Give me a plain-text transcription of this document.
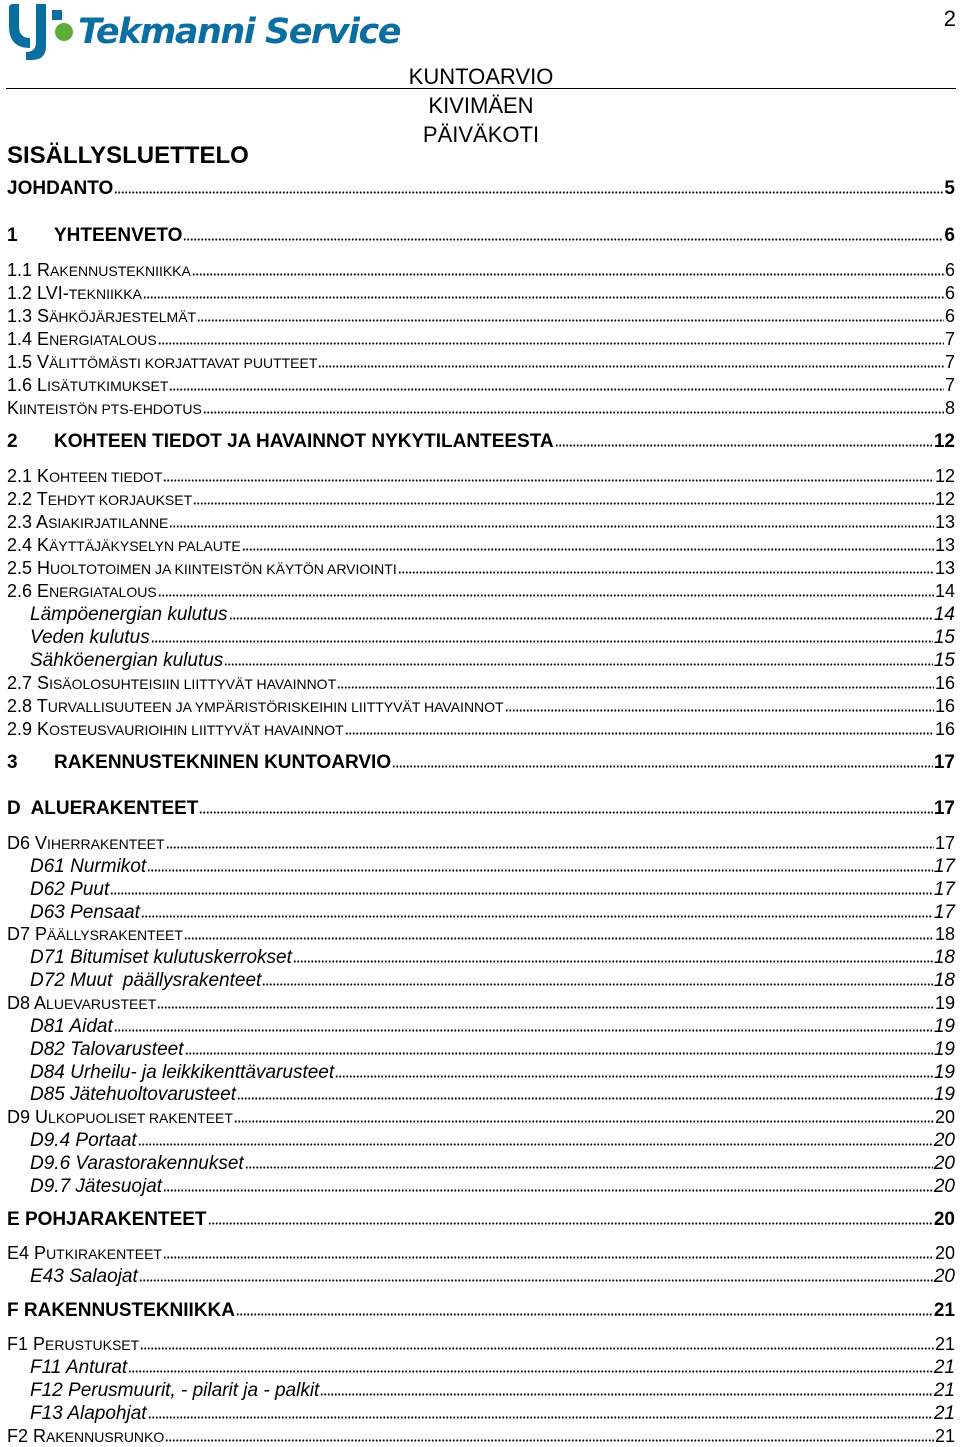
Tekmanni Service	2
KUNTOARVIO
KIVIMÄEN PÄIVÄKOTI
SISÄLLYSLUETTELO
JOHDANTO	5
1 YHTEENVETO	6
1.1 RAKENNUSTEKNIIKKA	6
1.2 LVI-TEKNIIKKA	6
1.3 SÄHKÖJÄRJESTELMÄT	6
1.4 ENERGIATALOUS	7
1.5 VÄLITTÖMÄSTI KORJATTAVAT PUUTTEET	7
1.6 LISÄTUTKIMUKSET	7
KIINTEISTÖN PTS-EHDOTUS	8
2 KOHTEEN TIEDOT JA HAVAINNOT NYKYTILANTEESTA	12
2.1 KOHTEEN TIEDOT	12
2.2 TEHDYT KORJAUKSET	12
2.3 ASIAKIRJATILANNE	13
2.4 KÄYTTÄJÄKYSELYN PALAUTE	13
2.5 HUOLTOTOIMEN JA KIINTEISTÖN KÄYTÖN ARVIOINTI	13
2.6 ENERGIATALOUS	14
Lämpöenergian kulutus	14
Veden kulutus	15
Sähköenergian kulutus	15
2.7 SISÄOLOSUHTEISIIN LIITTYVÄT HAVAINNOT	16
2.8 TURVALLISUUTEEN JA YMPÄRISTÖRISKEIHIN LIITTYVÄT HAVAINNOT	16
2.9 KOSTEUSVAURIOIHIN LIITTYVÄT HAVAINNOT	16
3 RAKENNUSTEKNINEN KUNTOARVIO	17
D  ALUERAKENTEET	17
D6 VIHERRAKENTEET	17
D61 Nurmikot	17
D62 Puut	17
D63 Pensaat	17
D7 PÄÄLLYSRAKENTEET	18
D71 Bitumiset kulutuskerrokset	18
D72 Muut  päällysrakenteet	18
D8 ALUEVARUSTEET	19
D81 Aidat	19
D82 Talovarusteet	19
D84 Urheilu- ja leikkikenttävarusteet	19
D85 Jätehuoltovarusteet	19
D9 ULKOPUOLISET RAKENTEET	20
D9.4 Portaat	20
D9.6 Varastorakennukset	20
D9.7 Jätesuojat	20
E POHJARAKENTEET	20
E4 PUTKIRAKENTEET	20
E43 Salaojat	20
F RAKENNUSTEKNIIKKA	21
F1 PERUSTUKSET	21
F11 Anturat	21
F12 Perusmuurit, - pilarit ja - palkit	21
F13 Alapohjat	21
F2 RAKENNUSRUNKO	21
